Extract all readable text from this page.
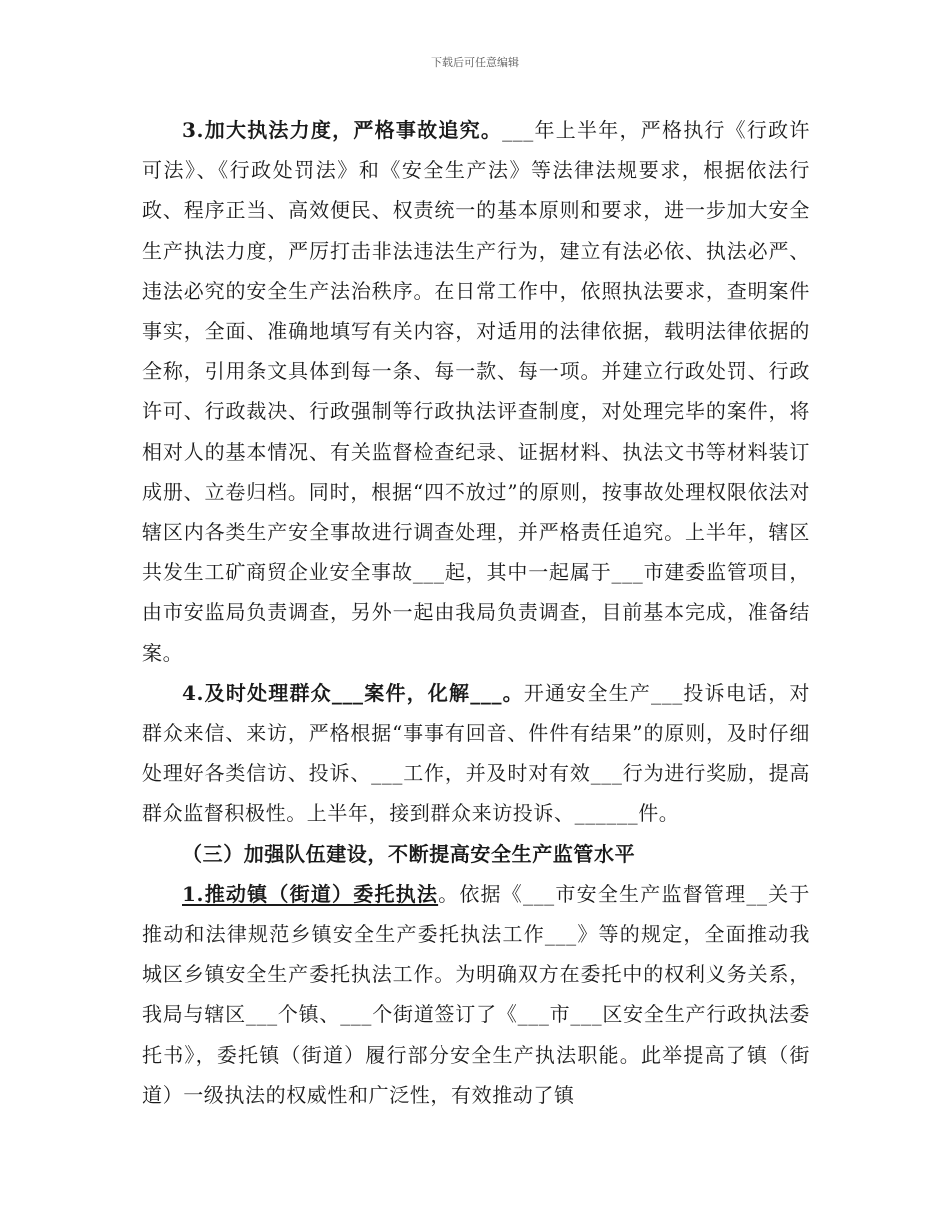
下载后可任意编辑

3.加大执法力度，严格事故追究。___年上半年，严格执行《行政许可法》、《行政处罚法》和《安全生产法》等法律法规要求，根据依法行政、程序正当、高效便民、权责统一的基本原则和要求，进一步加大安全生产执法力度，严厉打击非法违法生产行为，建立有法必依、执法必严、违法必究的安全生产法治秩序。在日常工作中，依照执法要求，查明案件事实，全面、准确地填写有关内容，对适用的法律依据，载明法律依据的全称，引用条文具体到每一条、每一款、每一项。并建立行政处罚、行政许可、行政裁决、行政强制等行政执法评查制度，对处理完毕的案件，将相对人的基本情况、有关监督检查纪录、证据材料、执法文书等材料装订成册、立卷归档。同时，根据“四不放过”的原则，按事故处理权限依法对辖区内各类生产安全事故进行调查处理，并严格责任追究。上半年，辖区共发生工矿商贸企业安全事故___起，其中一起属于___市建委监管项目，由市安监局负责调查，另外一起由我局负责调查，目前基本完成，准备结案。

4.及时处理群众___案件，化解___。开通安全生产___投诉电话，对群众来信、来访，严格根据“事事有回音、件件有结果”的原则，及时仔细处理好各类信访、投诉、___工作，并及时对有效___行为进行奖励，提高群众监督积极性。上半年，接到群众来访投诉、______件。

（三）加强队伍建设，不断提高安全生产监管水平

1.推动镇（街道）委托执法。依据《___市安全生产监督管理__关于推动和法律规范乡镇安全生产委托执法工作___》等的规定，全面推动我城区乡镇安全生产委托执法工作。为明确双方在委托中的权利义务关系，我局与辖区___个镇、___个街道签订了《___市___区安全生产行政执法委托书》，委托镇（街道）履行部分安全生产执法职能。此举提高了镇（街道）一级执法的权威性和广泛性，有效推动了镇
